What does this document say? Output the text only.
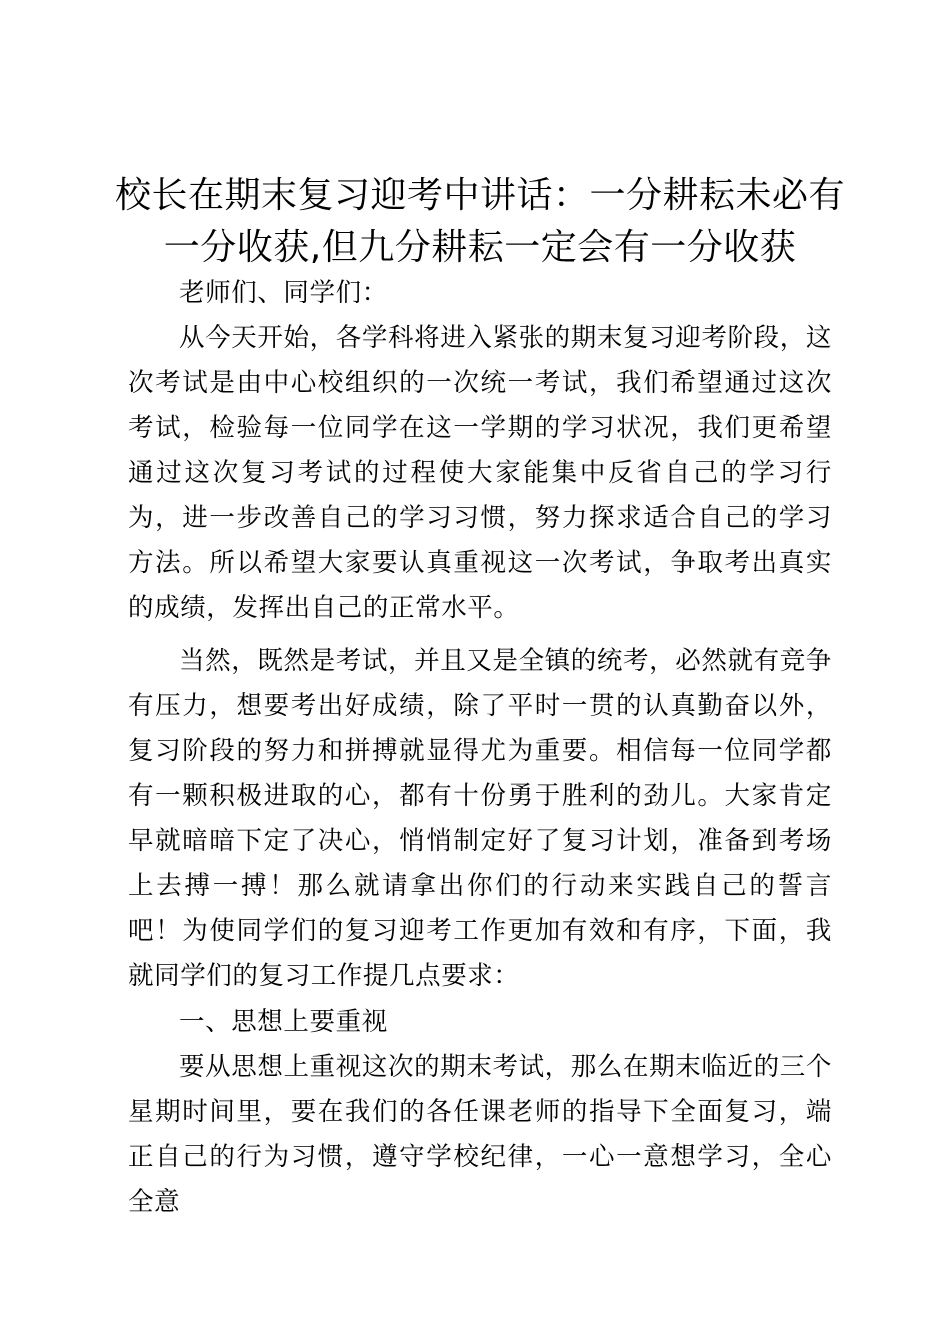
校长在期末复习迎考中讲话：一分耕耘未必有
一分收获,但九分耕耘一定会有一分收获

老师们、同学们：

从今天开始，各学科将进入紧张的期末复习迎考阶段，这次考试是由中心校组织的一次统一考试，我们希望通过这次考试，检验每一位同学在这一学期的学习状况，我们更希望通过这次复习考试的过程使大家能集中反省自己的学习行为，进一步改善自己的学习习惯，努力探求适合自己的学习方法。所以希望大家要认真重视这一次考试，争取考出真实的成绩，发挥出自己的正常水平。

当然，既然是考试，并且又是全镇的统考，必然就有竞争有压力，想要考出好成绩，除了平时一贯的认真勤奋以外，复习阶段的努力和拼搏就显得尤为重要。相信每一位同学都有一颗积极进取的心，都有十份勇于胜利的劲儿。大家肯定早就暗暗下定了决心，悄悄制定好了复习计划，准备到考场上去搏一搏！那么就请拿出你们的行动来实践自己的誓言吧！为使同学们的复习迎考工作更加有效和有序，下面，我就同学们的复习工作提几点要求：

一、思想上要重视

要从思想上重视这次的期末考试，那么在期末临近的三个星期时间里，要在我们的各任课老师的指导下全面复习，端正自己的行为习惯，遵守学校纪律，一心一意想学习，全心全意
